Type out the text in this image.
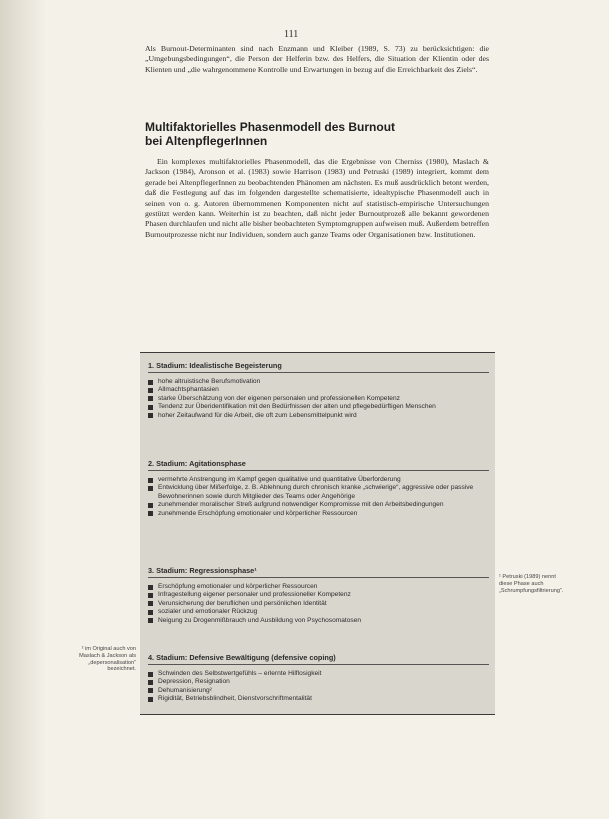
111

Als Burnout-Determinanten sind nach Enzmann und Kleiber (1989, S. 73) zu berücksichtigen: die „Umgebungsbedingungen“, die Person der Helferin bzw. des Helfers, die Situation der Klientin oder des Klienten und „die wahrgenommene Kontrolle und Erwartungen in bezug auf die Erreichbarkeit des Ziels“.

Multifaktorielles Phasenmodell des Burnout
bei AltenpflegerInnen

Ein komplexes multifaktorielles Phasenmodell, das die Ergebnisse von Cherniss (1980), Maslach & Jackson (1984), Aronson et al. (1983) sowie Harrison (1983) und Petruski (1989) integriert, kommt dem gerade bei AltenpflegerInnen zu beobachtenden Phänomen am nächsten. Es muß ausdrücklich betont werden, daß die Festlegung auf das im folgenden dargestellte schematisierte, idealtypische Phasenmodell auch in seinen von o. g. Autoren übernommenen Komponenten nicht auf statistisch-empirische Untersuchungen gestützt werden kann. Weiterhin ist zu beachten, daß nicht jeder Burnoutprozeß alle bekannt gewordenen Phasen durchlaufen und nicht alle bisher beobachteten Symptomgruppen aufweisen muß. Außerdem betreffen Burnoutprozesse nicht nur Individuen, sondern auch ganze Teams oder Organisationen bzw. Institutionen.

1. Stadium: Idealistische Begeisterung
hohe altruistische Berufsmotivation
Allmachtsphantasien
starke Überschätzung von der eigenen personalen und professionellen Kompetenz
Tendenz zur Überidentifikation mit den Bedürfnissen der alten und pflegebedürftigen Menschen
hoher Zeitaufwand für die Arbeit, die oft zum Lebensmittelpunkt wird
2. Stadium: Agitationsphase
vermehrte Anstrengung im Kampf gegen qualitative und quantitative Überforderung
Entwicklung über Mißerfolge, z. B. Ablehnung durch chronisch kranke „schwierige“, aggressive oder passive Bewohnerinnen sowie durch Mitglieder des Teams oder Angehörige
zunehmender moralischer Streß aufgrund notwendiger Kompromisse mit den Arbeitsbedingungen
zunehmende Erschöpfung emotionaler und körperlicher Ressourcen
3. Stadium: Regressionsphase¹
Erschöpfung emotionaler und körperlicher Ressourcen
Infragestellung eigener personaler und professioneller Kompetenz
Verunsicherung der beruflichen und persönlichen Identität
sozialer und emotionaler Rückzug
Neigung zu Drogenmißbrauch und Ausbildung von Psychosomatosen
4. Stadium: Defensive Bewältigung (defensive coping)
Schwinden des Selbstwertgefühls – erlernte Hilflosigkeit
Depression, Resignation
Dehumanisierung²
Rigidität, Betriebsblindheit, Dienstvorschriftmentalität
¹ Petruski (1989) nennt diese Phase auch „Schrumpfungsfiltrierung“.
² im Original auch von Maslach & Jackson als „depersonalisation“ bezeichnet.
